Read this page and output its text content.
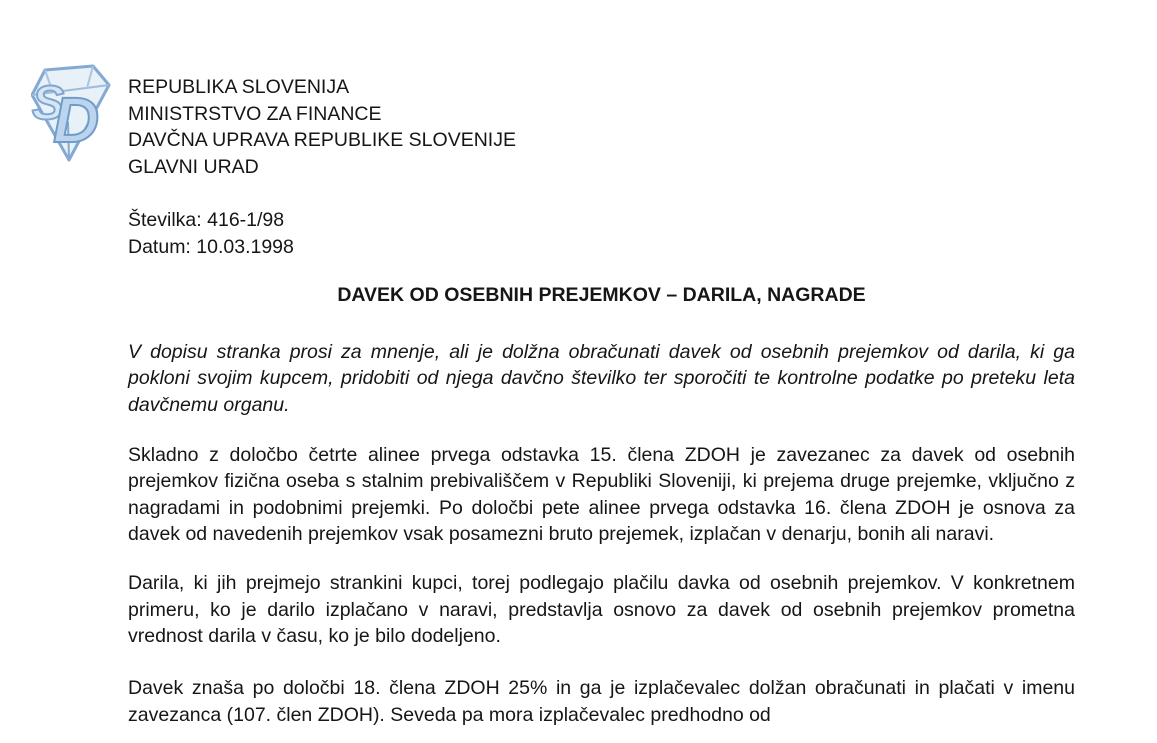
S
D REPUBLIKA SLOVENIJA
MINISTRSTVO ZA FINANCE
DAVČNA UPRAVA REPUBLIKE SLOVENIJE
GLAVNI URAD
Številka: 416-1/98
Datum: 10.03.1998
DAVEK OD OSEBNIH PREJEMKOV – DARILA, NAGRADE

V dopisu stranka prosi za mnenje, ali je dolžna obračunati davek od osebnih prejemkov od darila, ki ga pokloni svojim kupcem, pridobiti od njega davčno številko ter sporočiti te kontrolne podatke po preteku leta davčnemu organu.

Skladno z določbo četrte alinee prvega odstavka 15. člena ZDOH je zavezanec za davek od osebnih prejemkov fizična oseba s stalnim prebivališčem v Republiki Sloveniji, ki prejema druge prejemke, vključno z nagradami in podobnimi prejemki. Po določbi pete alinee prvega odstavka 16. člena ZDOH je osnova za davek od navedenih prejemkov vsak posamezni bruto prejemek, izplačan v denarju, bonih ali naravi.

Darila, ki jih prejmejo strankini kupci, torej podlegajo plačilu davka od osebnih prejemkov. V konkretnem primeru, ko je darilo izplačano v naravi, predstavlja osnovo za davek od osebnih prejemkov prometna vrednost darila v času, ko je bilo dodeljeno.

Davek znaša po določbi 18. člena ZDOH 25% in ga je izplačevalec dolžan obračunati in plačati v imenu zavezanca (107. člen ZDOH). Seveda pa mora izplačevalec predhodno od
